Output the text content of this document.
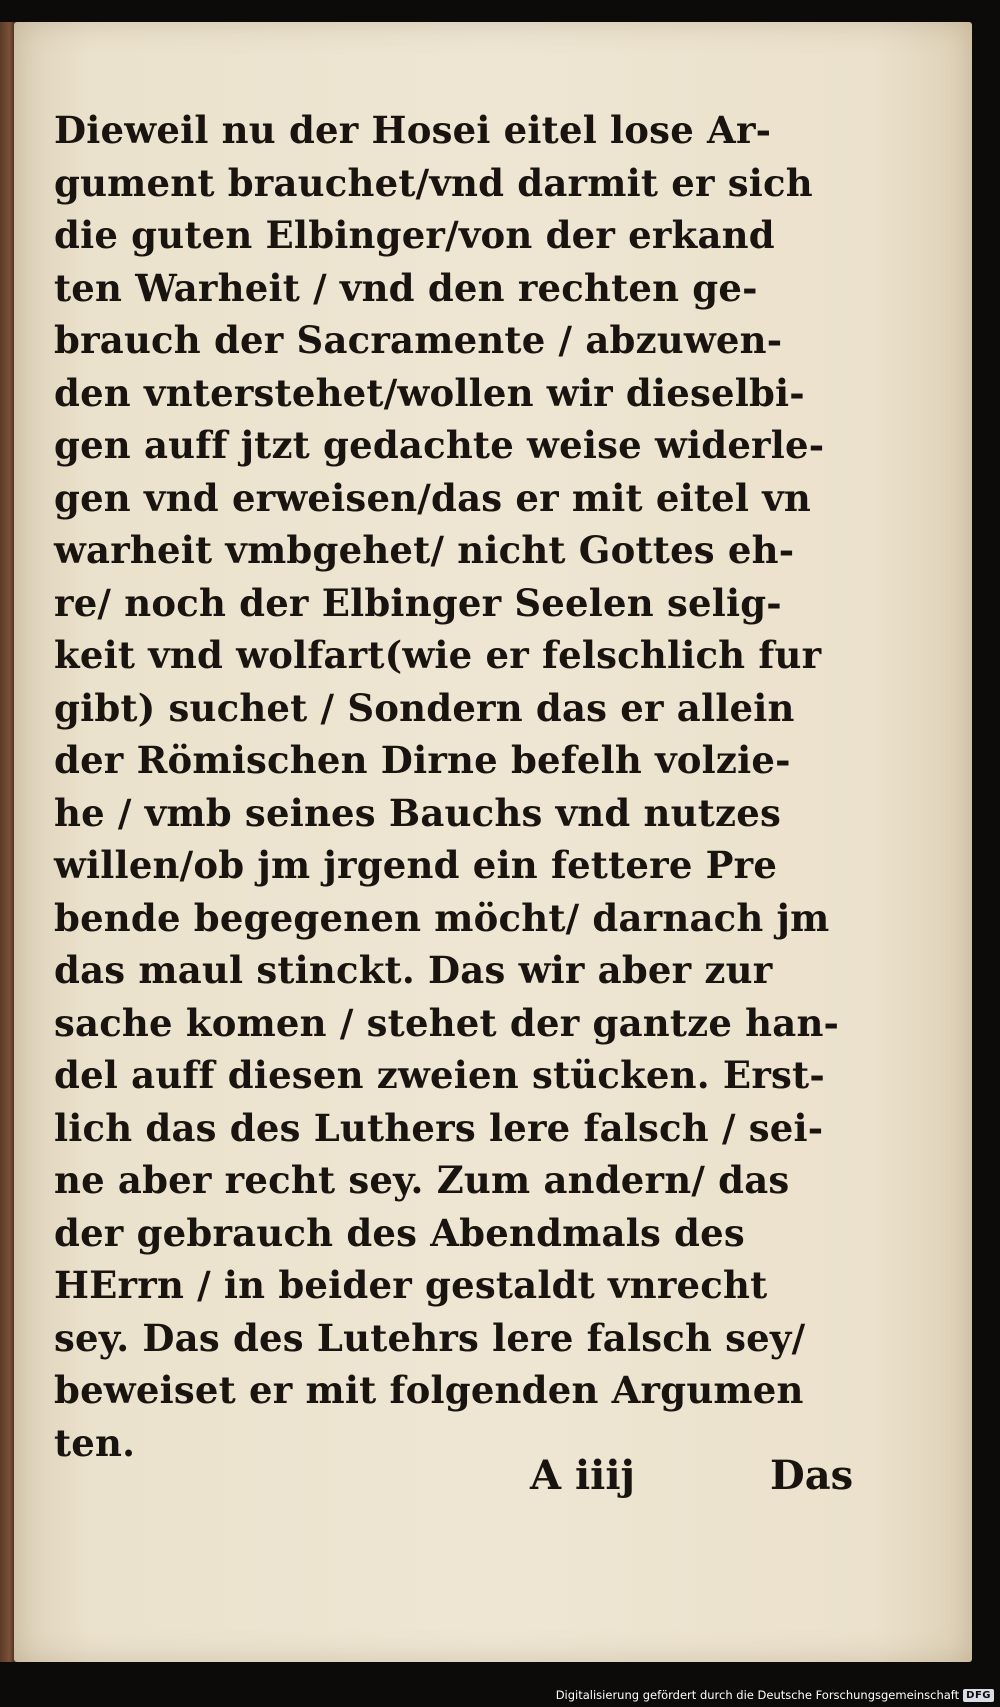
Dieweil nu der Hosei eitel lose Ar-
gument brauchet/vnd darmit er sich
die guten Elbinger/von der erkand
ten Warheit / vnd den rechten ge-
brauch der Sacramente / abzuwen-
den vnterstehet/wollen wir dieselbi-
gen auff jtzt gedachte weise widerle-
gen vnd erweisen/das er mit eitel vn
warheit vmbgehet/ nicht Gottes eh-
re/ noch der Elbinger Seelen selig-
keit vnd wolfart(wie er felschlich fur
gibt) suchet / Sondern das er allein
der Römischen Dirne befelh volzie-
he / vmb seines Bauchs vnd nutzes
willen/ob jm jrgend ein fettere Pre
bende begegenen möcht/ darnach jm
das maul stinckt. Das wir aber zur
sache komen / stehet der gantze han-
del auff diesen zweien stücken. Erst-
lich das des Luthers lere falsch / sei-
ne aber recht sey. Zum andern/ das
der gebrauch des Abendmals des
HErrn / in beider gestaldt vnrecht
sey. Das des Lutehrs lere falsch sey/
beweiset er mit folgenden Argumen
ten.
A iiij	Das
Digitalisierung gefördert durch die Deutsche Forschungsgemeinschaft DFG
